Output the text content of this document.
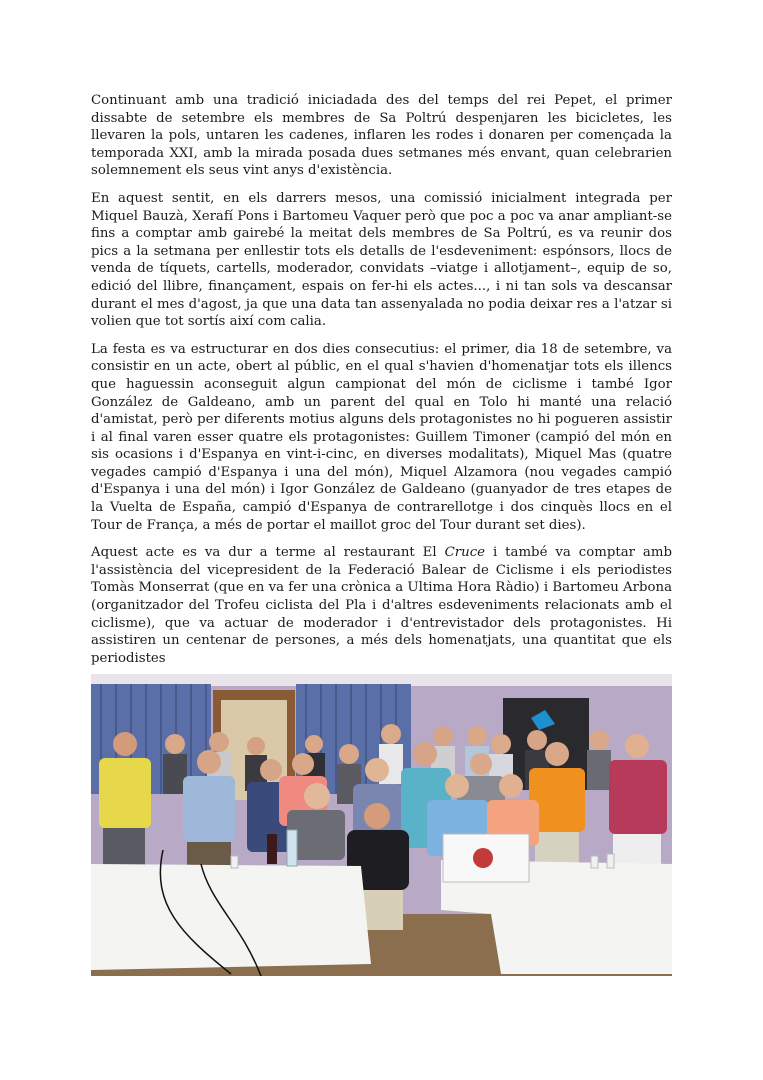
Continuant amb una tradició iniciadada des del temps del rei Pepet, el primer dissabte de setembre els membres de Sa Poltrú despenjaren les bicicletes, les llevaren la pols, untaren les cadenes, inflaren les rodes i donaren per començada la temporada XXI, amb la mirada posada dues setmanes més envant, quan celebrarien solemnement els seus vint anys d'existència.

En aquest sentit, en els darrers mesos, una comissió inicialment integrada per Miquel Bauzà, Xerafí Pons i Bartomeu Vaquer però que poc a poc va anar ampliant-se fins a comptar amb gairebé la meitat dels membres de Sa Poltrú, es va reunir dos pics a la setmana per enllestir tots els detalls de l'esdeveniment: espónsors, llocs de venda de tíquets, cartells, moderador, convidats –viatge i allotjament–, equip de so, edició del llibre, finançament, espais on fer-hi els actes..., i ni tan sols va descansar durant el mes d'agost, ja que una data tan assenyalada no podia deixar res a l'atzar si volien que tot sortís així com calia.

La festa es va estructurar en dos dies consecutius: el primer, dia 18 de setembre, va consistir en un acte, obert al públic, en el qual s'havien d'homenatjar tots els illencs que haguessin aconseguit algun campionat del món de ciclisme i també Igor González de Galdeano, amb un parent del qual en Tolo hi manté una relació d'amistat, però per diferents motius alguns dels protagonistes no hi pogueren assistir i al final varen esser quatre els protagonistes: Guillem Timoner (campió del món en sis ocasions i d'Espanya en vint-i-cinc, en diverses modalitats), Miquel Mas (quatre vegades campió d'Espanya i una del món), Miquel Alzamora (nou vegades campió d'Espanya i una del món) i Igor González de Galdeano (guanyador de tres etapes de la Vuelta de España, campió d'Espanya de contrarellotge i dos cinquès llocs en el Tour de França, a més de portar el maillot groc del Tour durant set dies).

Aquest acte es va dur a terme al restaurant El Cruce i també va comptar amb l'assistència del vicepresident de la Federació Balear de Ciclisme i els periodistes Tomàs Monserrat (que en va fer una crònica a Ultima Hora Ràdio) i Bartomeu Arbona (organitzador del Trofeu ciclista del Pla i d'altres esdeveniments relacionats amb el ciclisme), que va actuar de moderador i d'entrevistador dels protagonistes. Hi assistiren un centenar de persones, a més dels homenatjats, una quantitat que els periodistes
